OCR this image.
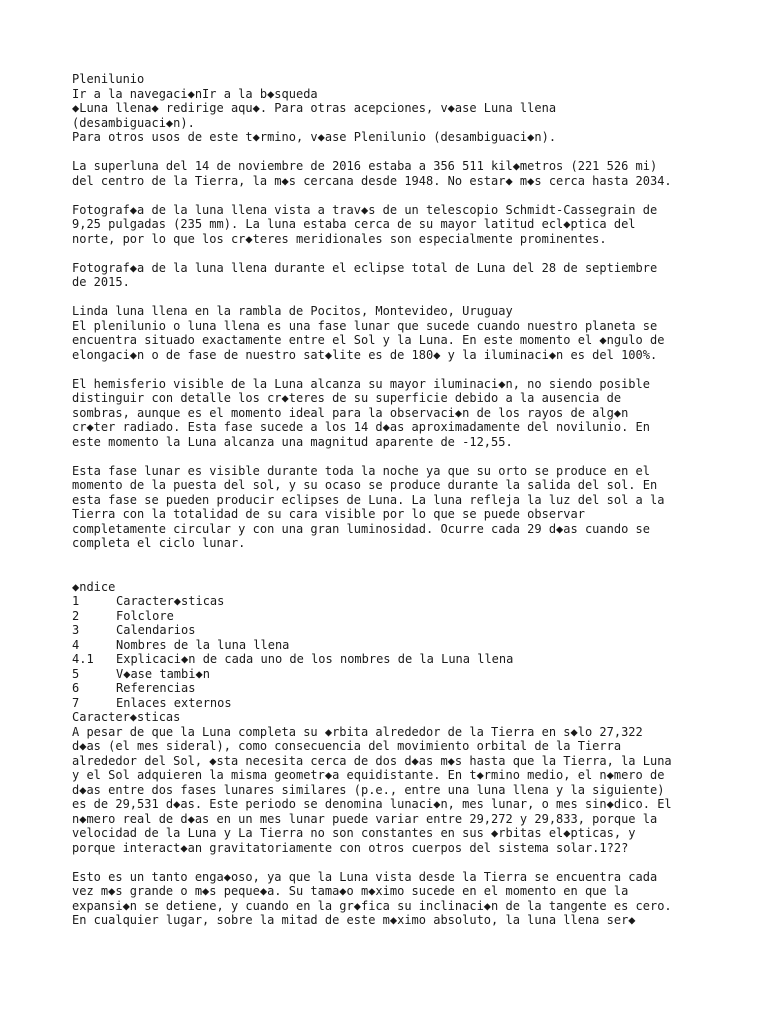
Plenilunio
Ir a la navegaci◆nIr a la b◆squeda
◆Luna llena◆ redirige aqu◆. Para otras acepciones, v◆ase Luna llena
(desambiguaci◆n).
Para otros usos de este t◆rmino, v◆ase Plenilunio (desambiguaci◆n).
La superluna del 14 de noviembre de 2016 estaba a 356 511 kil◆metros (221 526 mi)
del centro de la Tierra, la m◆s cercana desde 1948. No estar◆ m◆s cerca hasta 2034.
Fotograf◆a de la luna llena vista a trav◆s de un telescopio Schmidt-Cassegrain de
9,25 pulgadas (235 mm). La luna estaba cerca de su mayor latitud ecl◆ptica del
norte, por lo que los cr◆teres meridionales son especialmente prominentes.
Fotograf◆a de la luna llena durante el eclipse total de Luna del 28 de septiembre
de 2015.
Linda luna llena en la rambla de Pocitos, Montevideo, Uruguay
El plenilunio o luna llena es una fase lunar que sucede cuando nuestro planeta se
encuentra situado exactamente entre el Sol y la Luna. En este momento el ◆ngulo de
elongaci◆n o de fase de nuestro sat◆lite es de 180◆ y la iluminaci◆n es del 100%.
El hemisferio visible de la Luna alcanza su mayor iluminaci◆n, no siendo posible
distinguir con detalle los cr◆teres de su superficie debido a la ausencia de
sombras, aunque es el momento ideal para la observaci◆n de los rayos de alg◆n
cr◆ter radiado. Esta fase sucede a los 14 d◆as aproximadamente del novilunio. En
este momento la Luna alcanza una magnitud aparente de -12,55.
Esta fase lunar es visible durante toda la noche ya que su orto se produce en el
momento de la puesta del sol, y su ocaso se produce durante la salida del sol. En
esta fase se pueden producir eclipses de Luna. La luna refleja la luz del sol a la
Tierra con la totalidad de su cara visible por lo que se puede observar
completamente circular y con una gran luminosidad. Ocurre cada 29 d◆as cuando se
completa el ciclo lunar.
◆ndice
1	Caracter◆sticas
2	Folclore
3	Calendarios
4	Nombres de la luna llena
4.1 Explicaci◆n de cada uno de los nombres de la Luna llena
5	V◆ase tambi◆n
6	Referencias
7	Enlaces externos
Caracter◆sticas
A pesar de que la Luna completa su ◆rbita alrededor de la Tierra en s◆lo 27,322
d◆as (el mes sideral), como consecuencia del movimiento orbital de la Tierra
alrededor del Sol, ◆sta necesita cerca de dos d◆as m◆s hasta que la Tierra, la Luna
y el Sol adquieren la misma geometr◆a equidistante. En t◆rmino medio, el n◆mero de
d◆as entre dos fases lunares similares (p.e., entre una luna llena y la siguiente)
es de 29,531 d◆as. Este periodo se denomina lunaci◆n, mes lunar, o mes sin◆dico. El
n◆mero real de d◆as en un mes lunar puede variar entre 29,272 y 29,833, porque la
velocidad de la Luna y La Tierra no son constantes en sus ◆rbitas el◆pticas, y
porque interact◆an gravitatoriamente con otros cuerpos del sistema solar.1?2?
Esto es un tanto enga◆oso, ya que la Luna vista desde la Tierra se encuentra cada
vez m◆s grande o m◆s peque◆a. Su tama◆o m◆ximo sucede en el momento en que la
expansi◆n se detiene, y cuando en la gr◆fica su inclinaci◆n de la tangente es cero.
En cualquier lugar, sobre la mitad de este m◆ximo absoluto, la luna llena ser◆
